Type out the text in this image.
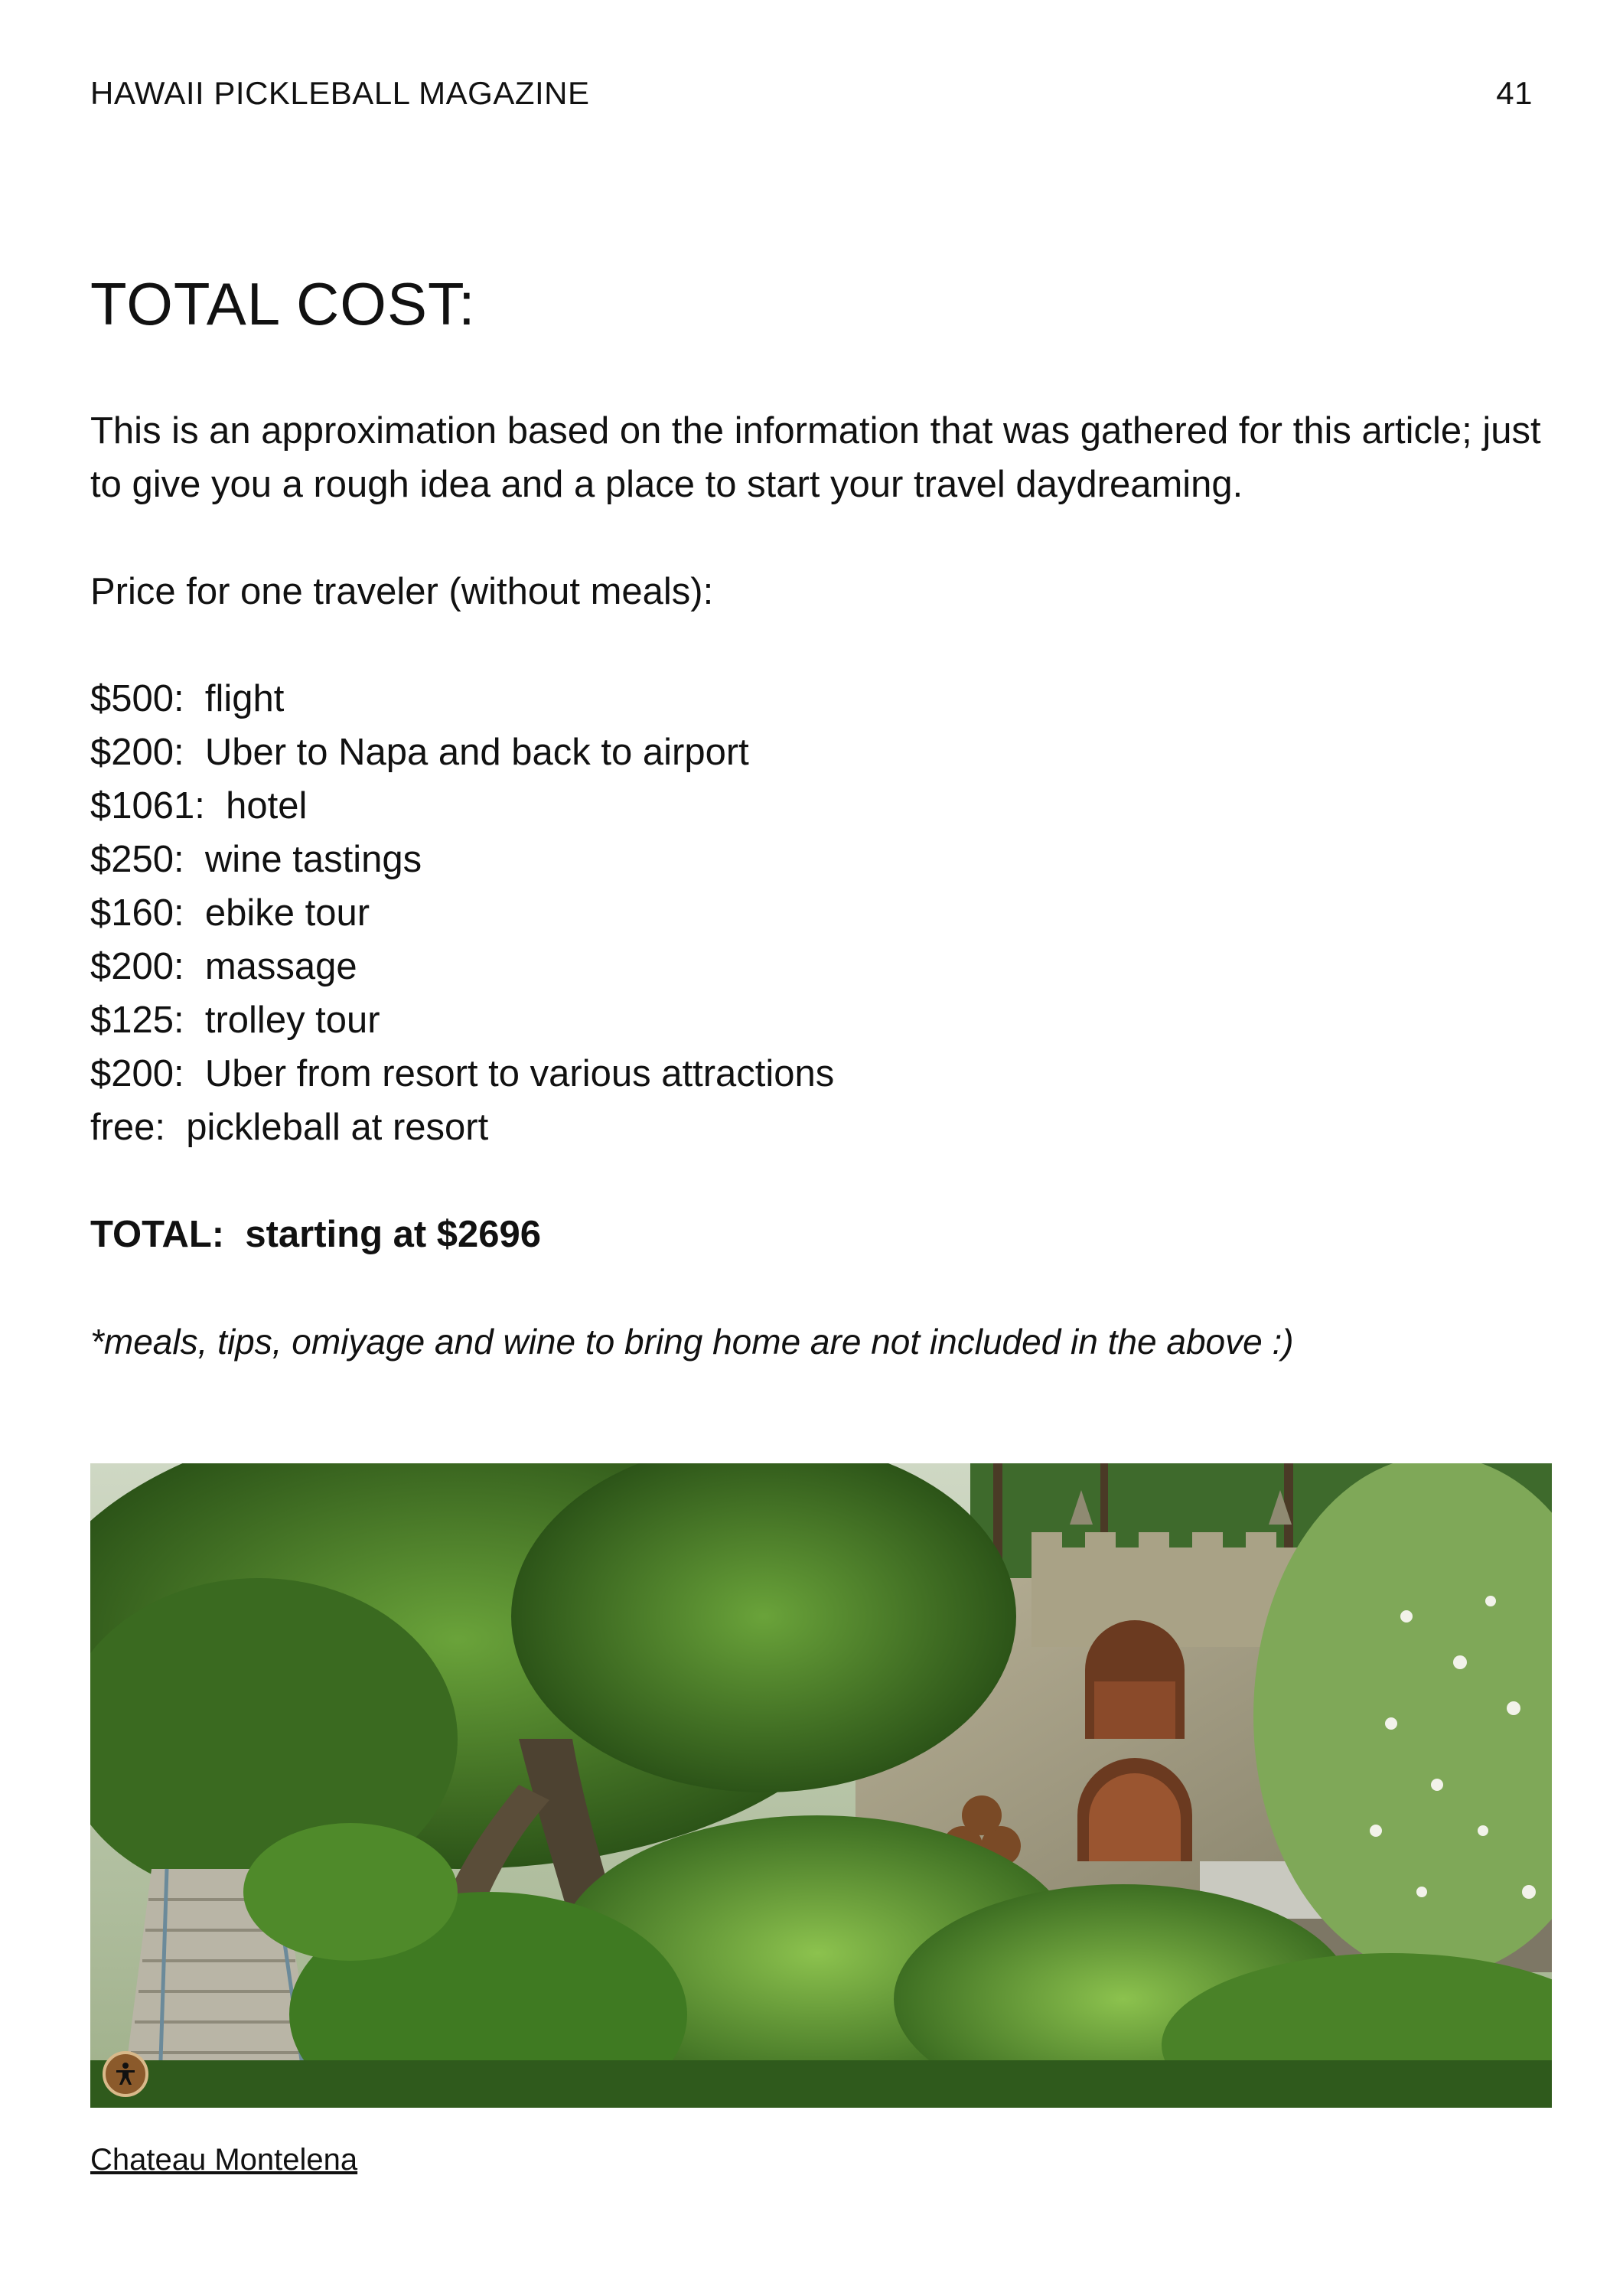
HAWAII PICKLEBALL MAGAZINE	41
TOTAL COST:

This is an approximation based on the information that was gathered for this article; just to give you a rough idea and a place to start your travel daydreaming.

Price for one traveler (without meals):

$500: flight
$200: Uber to Napa and back to airport
$1061: hotel
$250: wine tastings
$160: ebike tour
$200: massage
$125: trolley tour
$200: Uber from resort to various attractions
free: pickleball at resort

TOTAL:  starting at $2696

*meals, tips, omiyage and wine to bring home are not included in the above :)

Chateau Montelena
